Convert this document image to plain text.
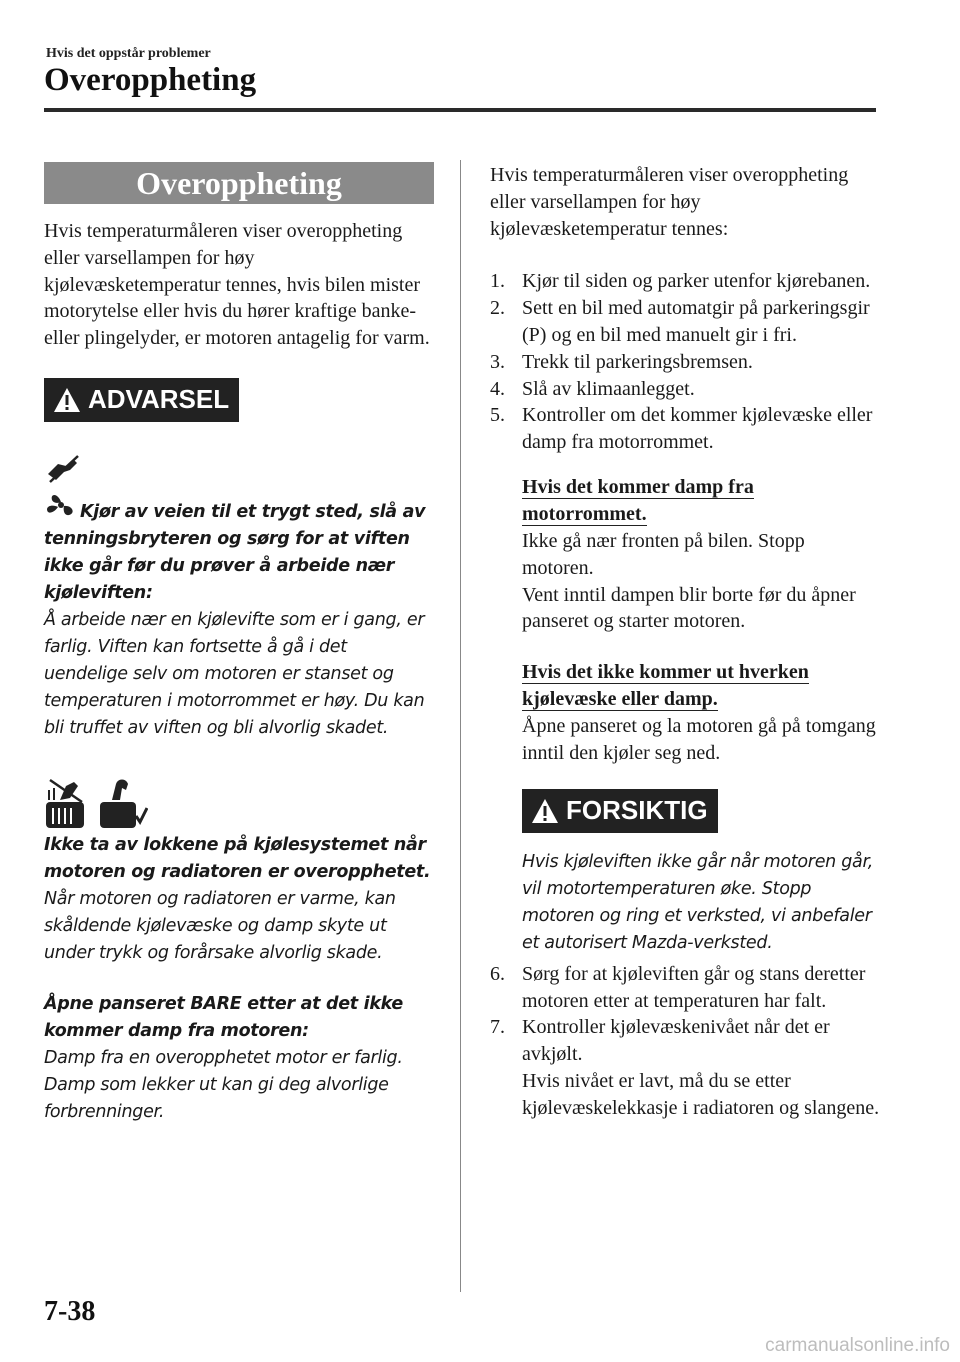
Hvis det oppstår problemer
Overoppheting
Overoppheting
Hvis temperaturmåleren viser overoppheting eller varsellampen for høy kjølevæsketemperatur tennes, hvis bilen mister motorytelse eller hvis du hører kraftige banke- eller plingelyder, er motoren antagelig for varm.
ADVARSEL
Kjør av veien til et trygt sted, slå av tenningsbryteren og sørg for at viften ikke går før du prøver å arbeide nær kjøleviften:
Å arbeide nær en kjølevifte som er i gang, er farlig. Viften kan fortsette å gå i det uendelige selv om motoren er stanset og temperaturen i motorrommet er høy. Du kan bli truffet av viften og bli alvorlig skadet.
Ikke ta av lokkene på kjølesystemet når motoren og radiatoren er overopphetet.
Når motoren og radiatoren er varme, kan skåldende kjølevæske og damp skyte ut under trykk og forårsake alvorlig skade.
Åpne panseret BARE etter at det ikke kommer damp fra motoren:
Damp fra en overopphetet motor er farlig. Damp som lekker ut kan gi deg alvorlige forbrenninger.
Hvis temperaturmåleren viser overoppheting eller varsellampen for høy kjølevæsketemperatur tennes:
1. Kjør til siden og parker utenfor kjørebanen.
2. Sett en bil med automatgir på parkeringsgir (P) og en bil med manuelt gir i fri.
3. Trekk til parkeringsbremsen.
4. Slå av klimaanlegget.
5. Kontroller om det kommer kjølevæske eller damp fra motorrommet.
Hvis det kommer damp fra
motorrommet.
Ikke gå nær fronten på bilen. Stopp motoren.
Vent inntil dampen blir borte før du åpner panseret og starter motoren.
Hvis det ikke kommer ut hverken
kjølevæske eller damp.
Åpne panseret og la motoren gå på tomgang inntil den kjøler seg ned.
FORSIKTIG
Hvis kjøleviften ikke går når motoren går, vil motortemperaturen øke. Stopp motoren og ring et verksted, vi anbefaler et autorisert Mazda-verksted.
6. Sørg for at kjøleviften går og stans deretter motoren etter at temperaturen har falt.
7. Kontroller kjølevæskenivået når det er avkjølt.
Hvis nivået er lavt, må du se etter kjølevæskelekkasje i radiatoren og slangene.
7-38
carmanualsonline.info
